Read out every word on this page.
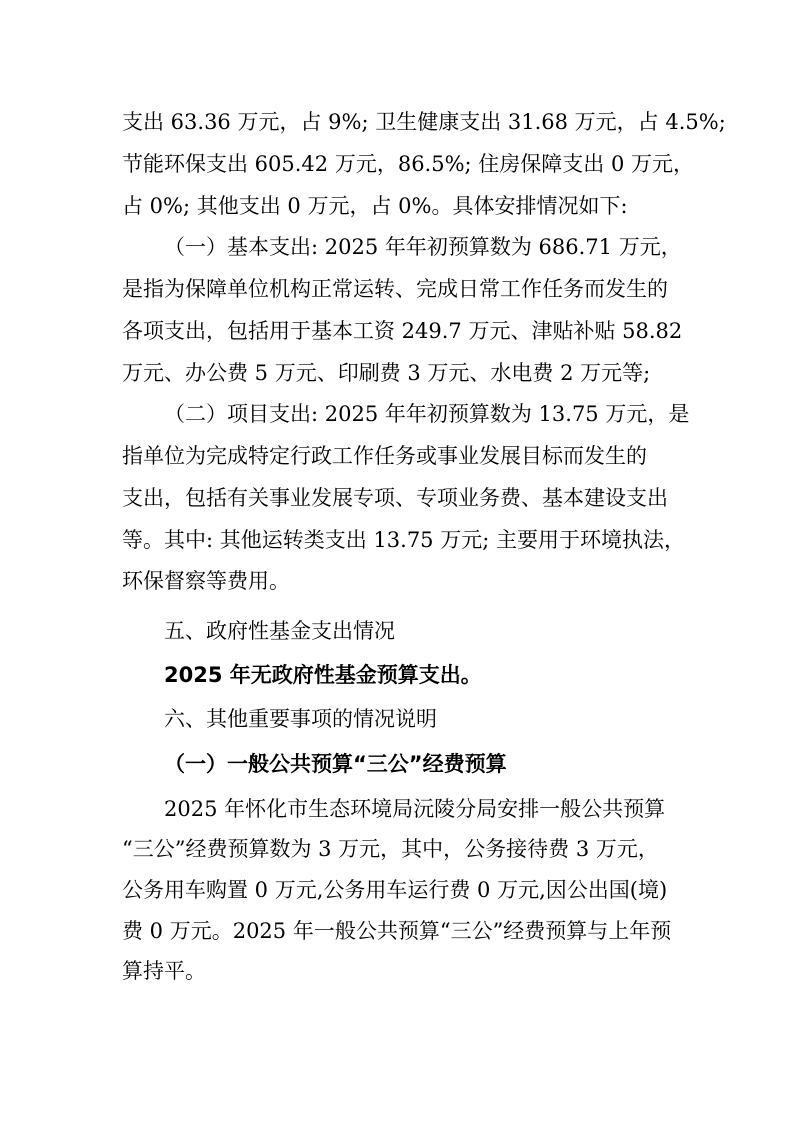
支出 63.36 万元，占 9%; 卫生健康支出 31.68 万元，占 4.5%;
节能环保支出 605.42 万元，86.5%; 住房保障支出 0 万元，
占 0%; 其他支出 0 万元，占 0%。具体安排情况如下:
（一）基本支出: 2025 年年初预算数为 686.71 万元，
是指为保障单位机构正常运转、完成日常工作任务而发生的
各项支出，包括用于基本工资 249.7 万元、津贴补贴 58.82
万元、办公费 5 万元、印刷费 3 万元、水电费 2 万元等;
（二）项目支出: 2025 年年初预算数为 13.75 万元，是
指单位为完成特定行政工作任务或事业发展目标而发生的
支出，包括有关事业发展专项、专项业务费、基本建设支出
等。其中: 其他运转类支出 13.75 万元; 主要用于环境执法，
环保督察等费用。
五、政府性基金支出情况
2025 年无政府性基金预算支出。
六、其他重要事项的情况说明
（一）一般公共预算“三公”经费预算
2025 年怀化市生态环境局沅陵分局安排一般公共预算
“三公”经费预算数为 3 万元，其中，公务接待费 3 万元，
公务用车购置 0 万元,公务用车运行费 0 万元,因公出国(境)
费 0 万元。2025 年一般公共预算“三公”经费预算与上年预
算持平。
